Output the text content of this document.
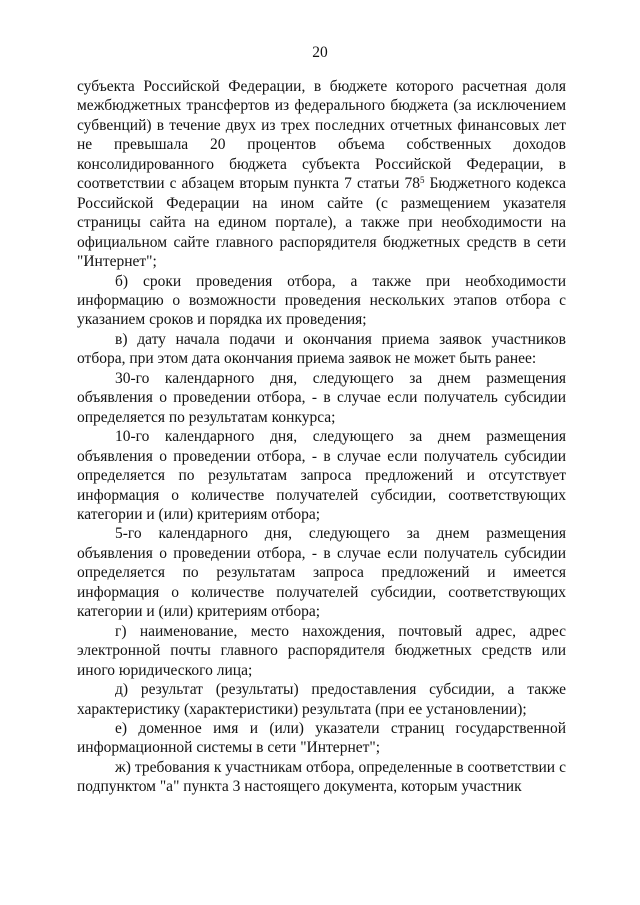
20

субъекта Российской Федерации, в бюджете которого расчетная доля межбюджетных трансфертов из федерального бюджета (за исключением субвенций) в течение двух из трех последних отчетных финансовых лет не превышала 20 процентов объема собственных доходов консолидированного бюджета субъекта Российской Федерации, в соответствии с абзацем вторым пункта 7 статьи $78^5$ Бюджетного кодекса Российской Федерации на ином сайте (с размещением указателя страницы сайта на едином портале), а также при необходимости на официальном сайте главного распорядителя бюджетных средств в сети "Интернет";

б) сроки проведения отбора, а также при необходимости информацию о возможности проведения нескольких этапов отбора с указанием сроков и порядка их проведения;

в) дату начала подачи и окончания приема заявок участников отбора, при этом дата окончания приема заявок не может быть ранее:

30-го календарного дня, следующего за днем размещения объявления о проведении отбора, - в случае если получатель субсидии определяется по результатам конкурса;

10-го календарного дня, следующего за днем размещения объявления о проведении отбора, - в случае если получатель субсидии определяется по результатам запроса предложений и отсутствует информация о количестве получателей субсидии, соответствующих категории и (или) критериям отбора;

5-го календарного дня, следующего за днем размещения объявления о проведении отбора, - в случае если получатель субсидии определяется по результатам запроса предложений и имеется информация о количестве получателей субсидии, соответствующих категории и (или) критериям отбора;

г) наименование, место нахождения, почтовый адрес, адрес электронной почты главного распорядителя бюджетных средств или иного юридического лица;

д) результат (результаты) предоставления субсидии, а также характеристику (характеристики) результата (при ее установлении);

е) доменное имя и (или) указатели страниц государственной информационной системы в сети "Интернет";

ж) требования к участникам отбора, определенные в соответствии с подпунктом "а" пункта 3 настоящего документа, которым участник
